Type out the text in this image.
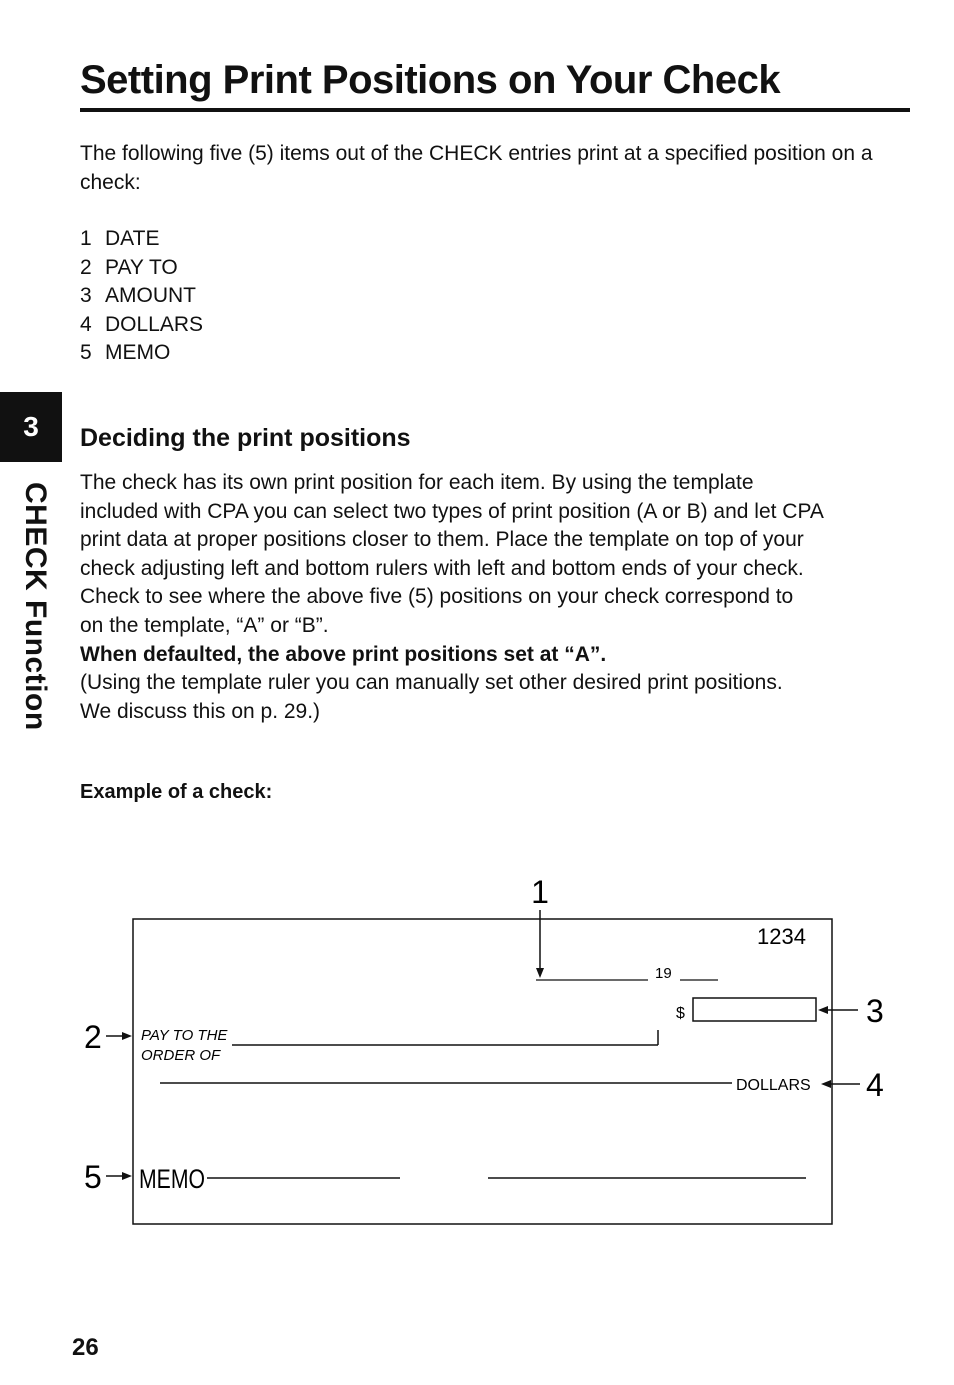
Setting Print Positions on Your Check
The following five (5) items out of the CHECK entries print at a specified position on a check:
1 DATE
2 PAY TO
3 AMOUNT
4 DOLLARS
5 MEMO
3
CHECK Function
Deciding the print positions

The check has its own print position for each item. By using the template

included with CPA you can select two types of print position (A or B) and let CPA

print data at proper positions closer to them. Place the template on top of your

check adjusting left and bottom rulers with left and bottom ends of your check.

Check to see where the above five (5) positions on your check correspond to

on the template, “A” or “B”.

When defaulted, the above print positions set at “A”.

(Using the template ruler you can manually set other desired print positions.

We discuss this on p. 29.)

Example of a check:
1
19
1234
$	3
2	PAY TO THE
ORDER OF
DOLLARS 4
5 MEMO
26
